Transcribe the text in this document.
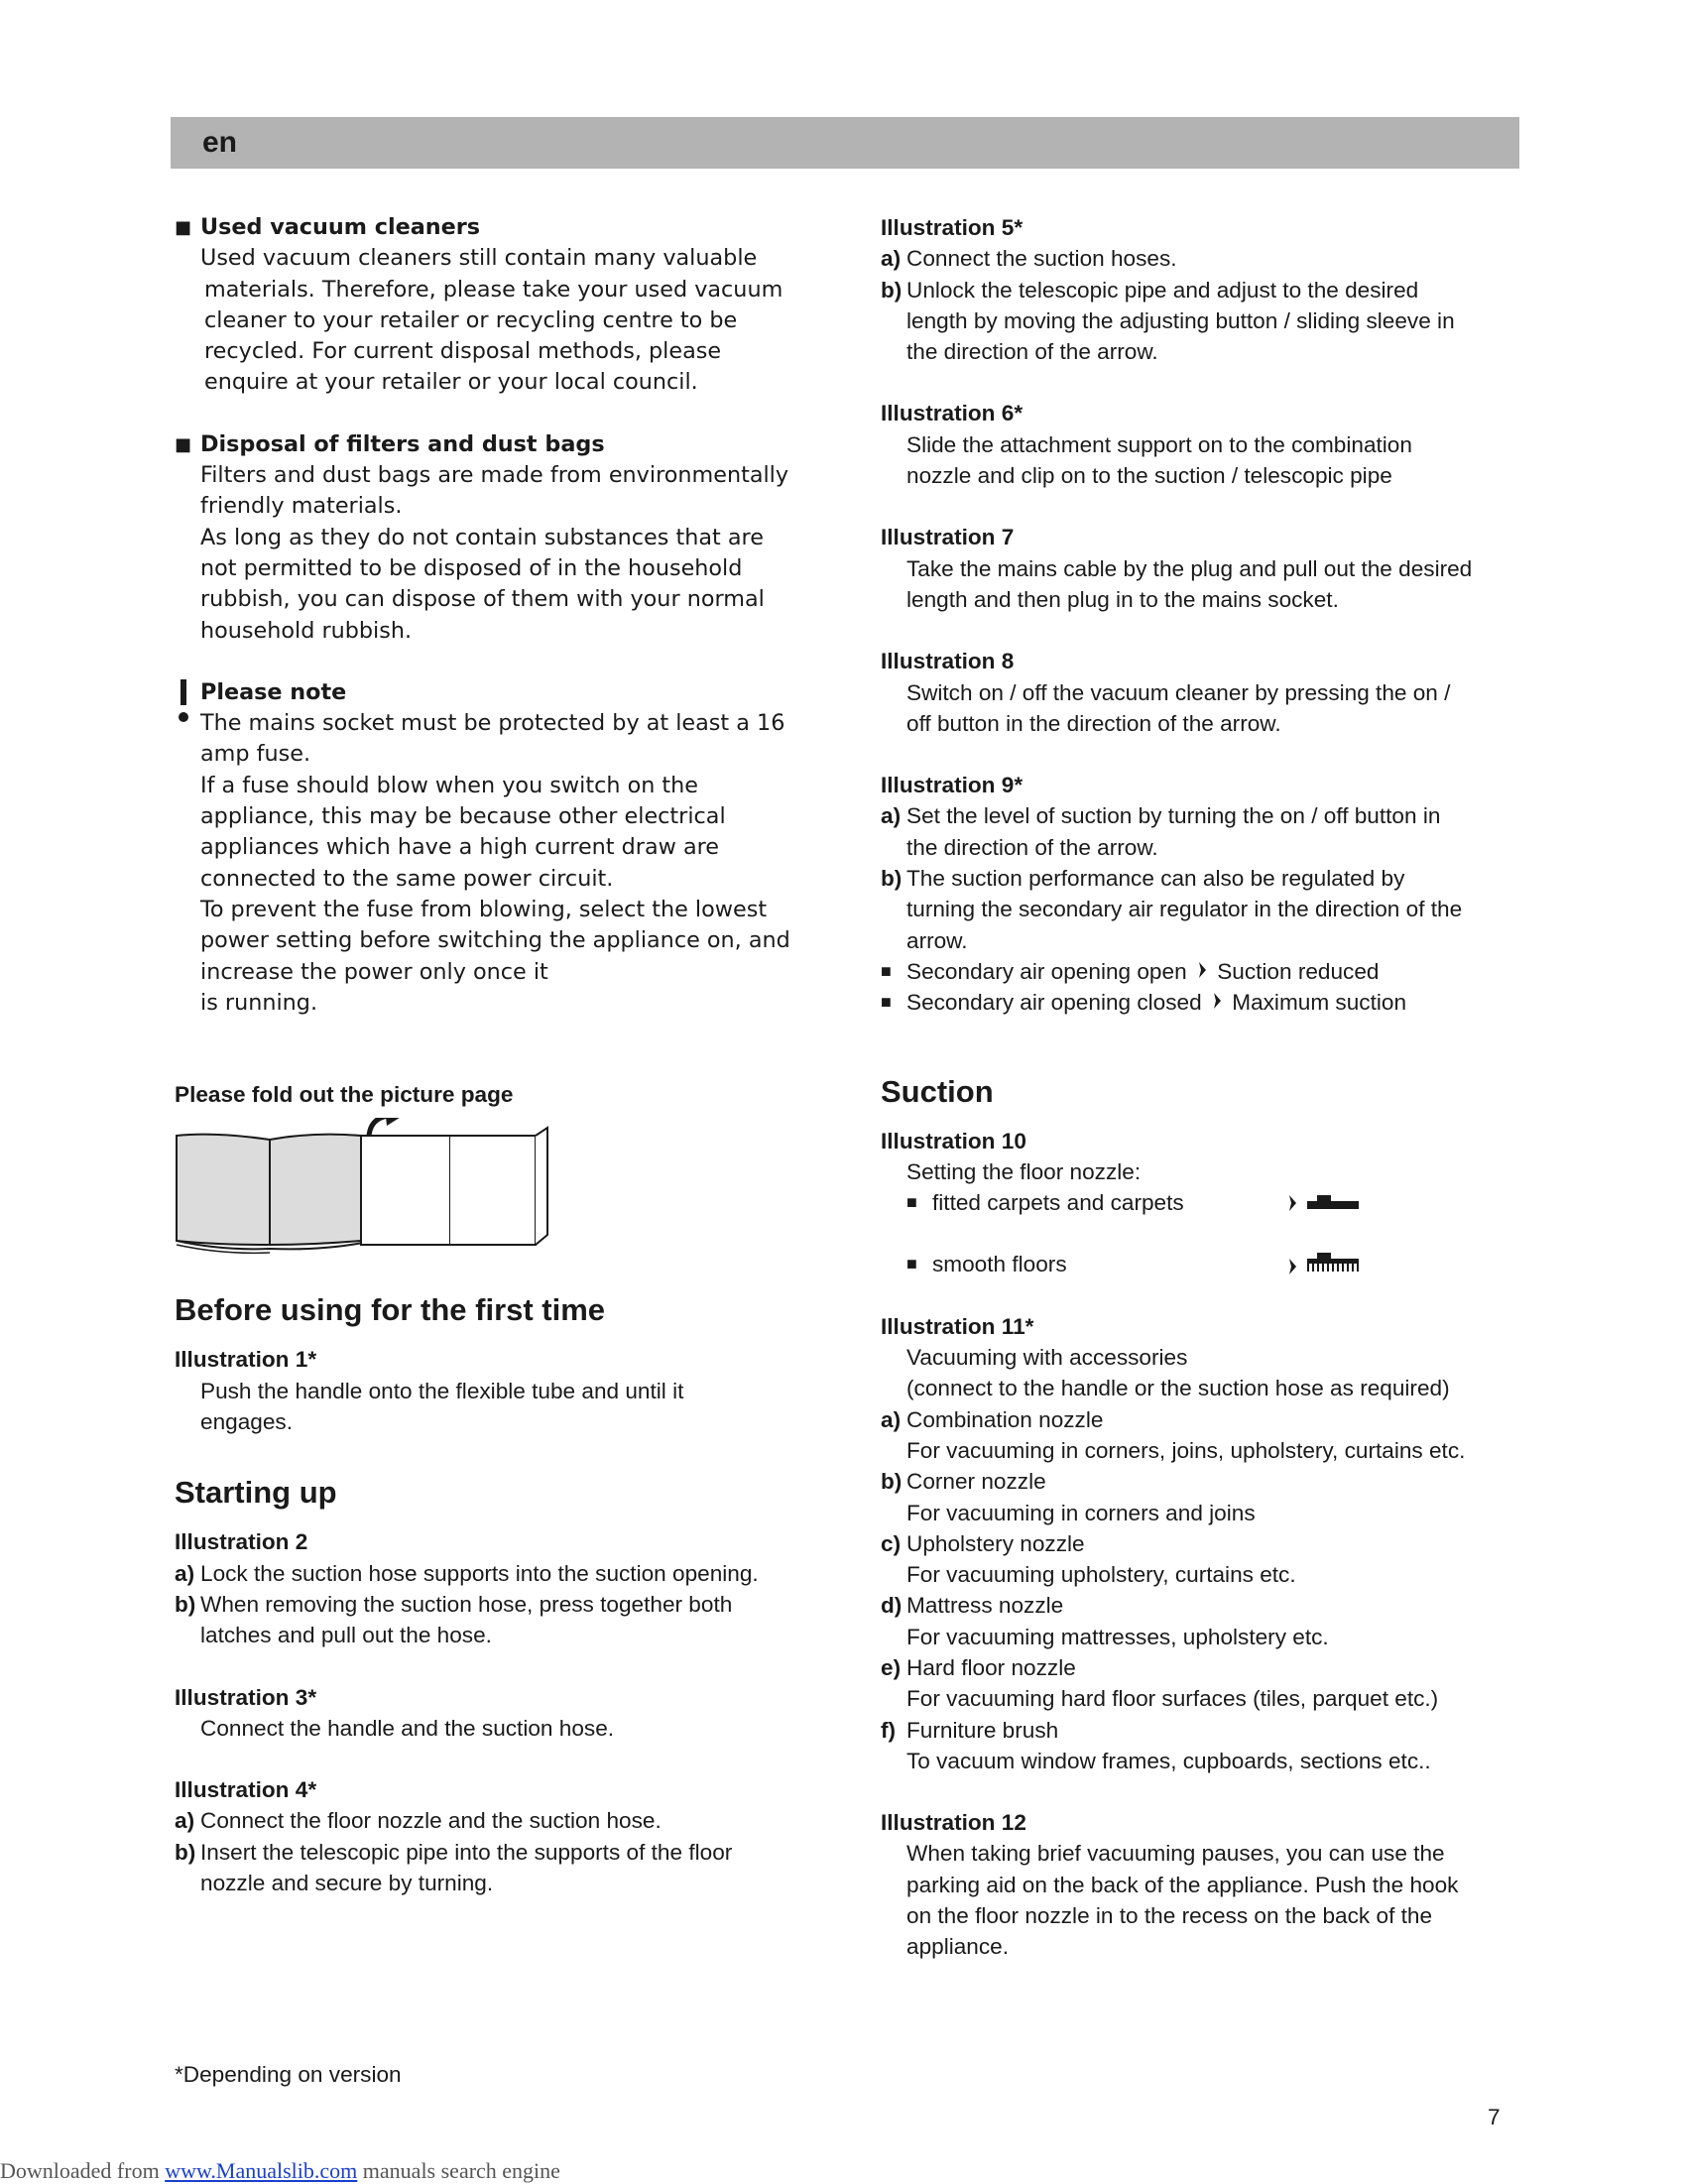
en
■ Used vacuum cleaners
Used vacuum cleaners still contain many valuable
materials. Therefore, please take your used vacuum
cleaner to your retailer or recycling centre to be
recycled. For current disposal methods, please
enquire at your retailer or your local council.
■ Disposal of filters and dust bags
Filters and dust bags are made from environmentally
friendly materials.
As long as they do not contain substances that are
not permitted to be disposed of in the household
rubbish, you can dispose of them with your normal
household rubbish.
Please note
The mains socket must be protected by at least a 16
amp fuse.
If a fuse should blow when you switch on the
appliance, this may be because other electrical
appliances which have a high current draw are
connected to the same power circuit.
To prevent the fuse from blowing, select the lowest
power setting before switching the appliance on, and
increase the power only once it
is running.
Please fold out the picture page
Before using for the first time
Illustration 1*
Push the handle onto the flexible tube and until it
engages.
Starting up
Illustration 2
a) Lock the suction hose supports into the suction opening.
b) When removing the suction hose, press together both
latches and pull out the hose.
Illustration 3*
Connect the handle and the suction hose.
Illustration 4*
a) Connect the floor nozzle and the suction hose.
b) Insert the telescopic pipe into the supports of the floor
nozzle and secure by turning.
Illustration 5*
a) Connect the suction hoses.
b) Unlock the telescopic pipe and adjust to the desired
length by moving the adjusting button / sliding sleeve in
the direction of the arrow.
Illustration 6*
Slide the attachment support on to the combination
nozzle and clip on to the suction / telescopic pipe
Illustration 7
Take the mains cable by the plug and pull out the desired
length and then plug in to the mains socket.
Illustration 8
Switch on / off the vacuum cleaner by pressing the on /
off button in the direction of the arrow.
Illustration 9*
a) Set the level of suction by turning the on / off button in
the direction of the arrow.
b) The suction performance can also be regulated by
turning the secondary air regulator in the direction of the
arrow.
■ Secondary air opening open Suction reduced
■ Secondary air opening closed Maximum suction
Suction
Illustration 10
Setting the floor nozzle:
■ fitted carpets and carpets
■ smooth floors
Illustration 11*
Vacuuming with accessories
(connect to the handle or the suction hose as required)
a) Combination nozzle
For vacuuming in corners, joins, upholstery, curtains etc.
b) Corner nozzle
For vacuuming in corners and joins
c) Upholstery nozzle
For vacuuming upholstery, curtains etc.
d) Mattress nozzle
For vacuuming mattresses, upholstery etc.
e) Hard floor nozzle
For vacuuming hard floor surfaces (tiles, parquet etc.)
f) Furniture brush
To vacuum window frames, cupboards, sections etc..
Illustration 12
When taking brief vacuuming pauses, you can use the
parking aid on the back of the appliance. Push the hook
on the floor nozzle in to the recess on the back of the
appliance.
*Depending on version
7
Downloaded from www.Manualslib.com manuals search engine
